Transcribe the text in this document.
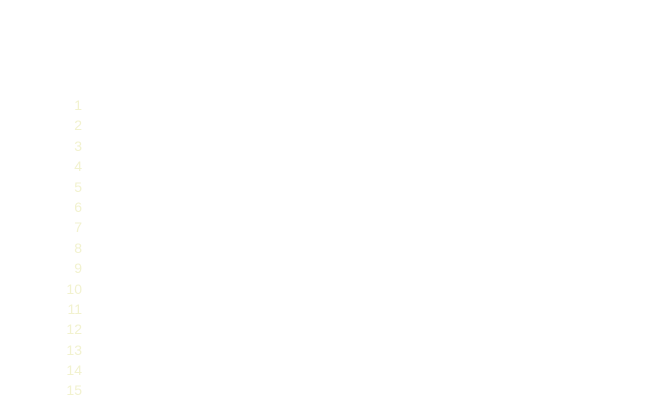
1
2
3
4
5
6
7
8
9
10
11
12
13
14
15
